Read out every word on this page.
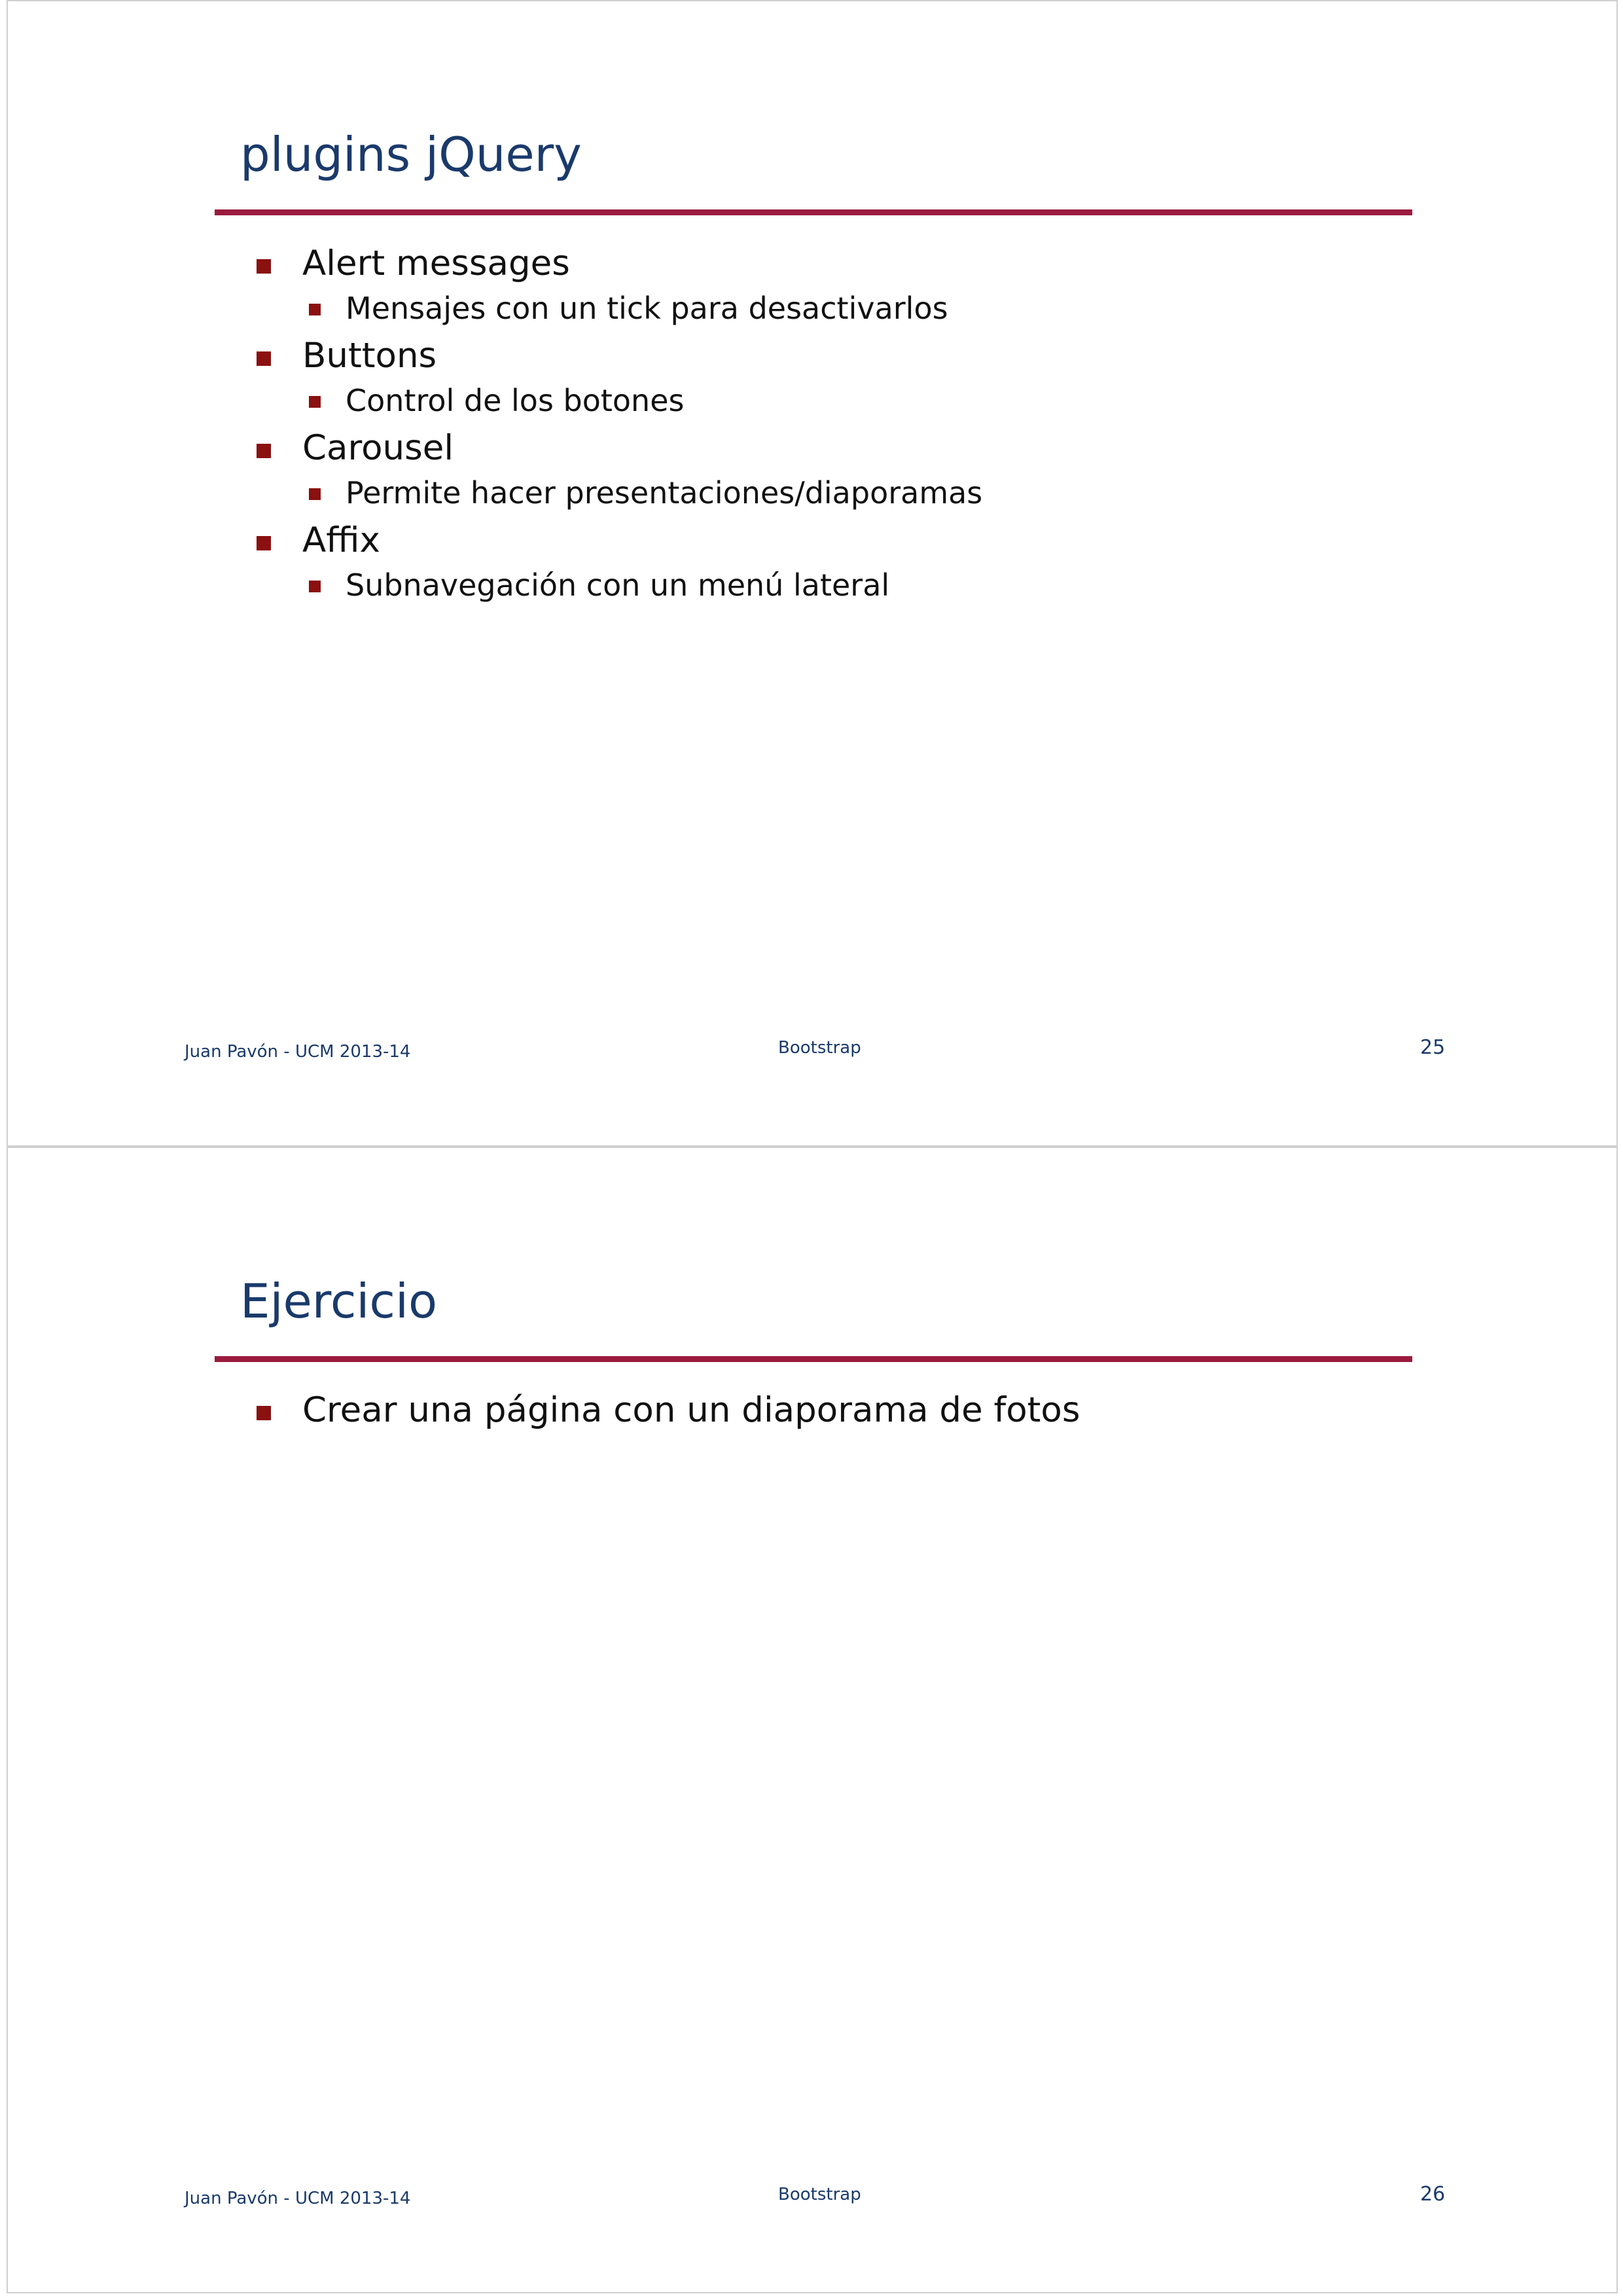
plugins jQuery
Alert messages
Mensajes con un tick para desactivarlos
Buttons
Control de los botones
Carousel
Permite hacer presentaciones/diaporamas
Affix
Subnavegación con un menú lateral
Juan Pavón - UCM 2013-14	Bootstrap	25
Ejercicio
Crear una página con un diaporama de fotos
Juan Pavón - UCM 2013-14	Bootstrap	26
